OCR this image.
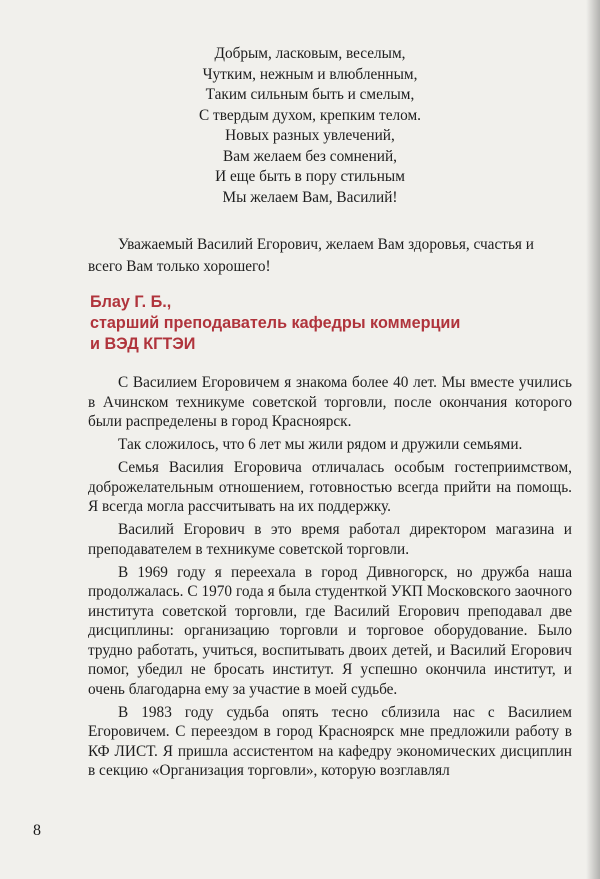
Добрым, ласковым, веселым,
Чутким, нежным и влюбленным,
Таким сильным быть и смелым,
С твердым духом, крепким телом.
Новых разных увлечений,
Вам желаем без сомнений,
И еще быть в пору стильным
Мы желаем Вам, Василий!

Уважаемый Василий Егорович, желаем Вам здоровья, счастья и всего Вам только хорошего!

Блау Г. Б.,
старший преподаватель кафедры коммерции
и ВЭД КГТЭИ

С Василием Егоровичем я знакома более 40 лет. Мы вместе учились в Ачинском техникуме советской торговли, после окончания которого были распределены в город Красноярск.

Так сложилось, что 6 лет мы жили рядом и дружили семьями.

Семья Василия Егоровича отличалась особым гостеприимством, доброжелательным отношением, готовностью всегда прийти на помощь. Я всегда могла рассчитывать на их поддержку.

Василий Егорович в это время работал директором магазина и преподавателем в техникуме советской торговли.

В 1969 году я переехала в город Дивногорск, но дружба наша продолжалась. С 1970 года я была студенткой УКП Московского заочного института советской торговли, где Василий Егорович преподавал две дисциплины: организацию торговли и торговое оборудование. Было трудно работать, учиться, воспитывать двоих детей, и Василий Егорович помог, убедил не бросать институт. Я успешно окончила институт, и очень благодарна ему за участие в моей судьбе.

В 1983 году судьба опять тесно сблизила нас с Василием Егоровичем. С переездом в город Красноярск мне предложили работу в КФ ЛИСТ. Я пришла ассистентом на кафедру экономических дисциплин в секцию «Организация торговли», которую возглавлял

8
